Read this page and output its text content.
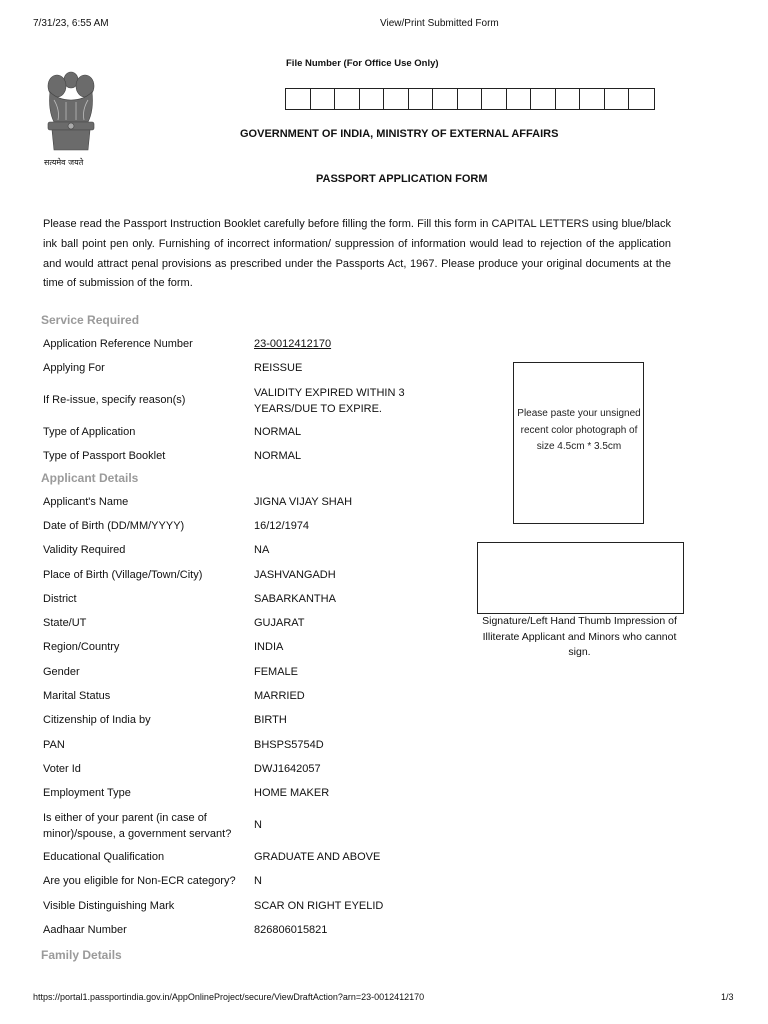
7/31/23, 6:55 AM	View/Print Submitted Form
सत्यमेव जयते
File Number (For Office Use Only)
GOVERNMENT OF INDIA, MINISTRY OF EXTERNAL AFFAIRS
PASSPORT APPLICATION FORM
Please read the Passport Instruction Booklet carefully before filling the form. Fill this form in CAPITAL LETTERS using blue/black ink ball point pen only. Furnishing of incorrect information/ suppression of information would lead to rejection of the application and would attract penal provisions as prescribed under the Passports Act, 1967. Please produce your original documents at the time of submission of the form.
Service Required
Application Reference Number	23-0012412170
Applying For	REISSUE
If Re-issue, specify reason(s)
VALIDITY EXPIRED WITHIN 3 YEARS/DUE TO EXPIRE.
Type of Application	NORMAL
Type of Passport Booklet	NORMAL
Applicant Details
Applicant's Name	JIGNA VIJAY SHAH
Date of Birth (DD/MM/YYYY)	16/12/1974
Validity Required	NA
Place of Birth (Village/Town/City)	JASHVANGADH
District	SABARKANTHA
State/UT	GUJARAT
Region/Country	INDIA
Gender	FEMALE
Marital Status	MARRIED
Citizenship of India by	BIRTH
PAN	BHSPS5754D
Voter Id	DWJ1642057
Employment Type	HOME MAKER
Is either of your parent (in case of minor)/spouse, a government servant?
N
Educational Qualification	GRADUATE AND ABOVE
Are you eligible for Non-ECR category? N
Visible Distinguishing Mark	SCAR ON RIGHT EYELID
Aadhaar Number	826806015821
Family Details
Please paste your unsigned recent color photograph of size 4.5cm * 3.5cm
Signature/Left Hand Thumb Impression of Illiterate Applicant and Minors who cannot sign.
https://portal1.passportindia.gov.in/AppOnlineProject/secure/ViewDraftAction?arn=23-0012412170	1/3
